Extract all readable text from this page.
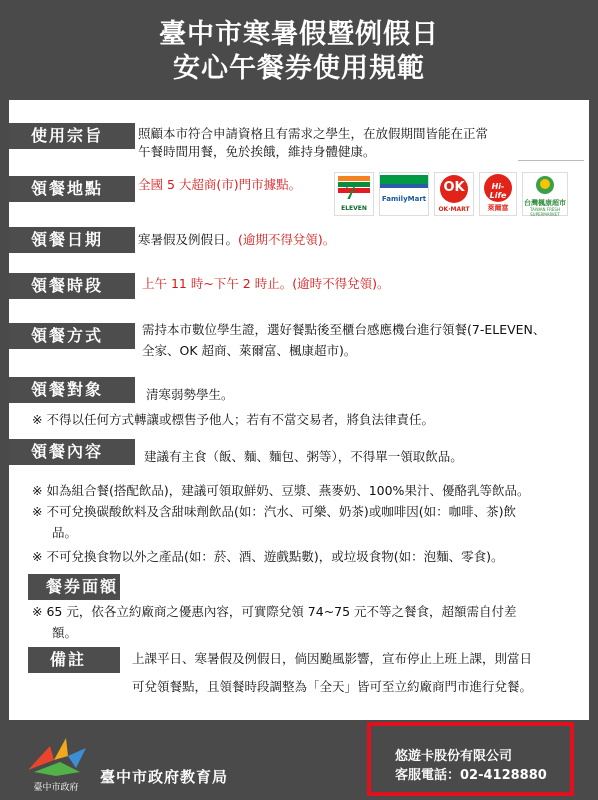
臺中市寒暑假暨例假日
安心午餐券使用規範
使用宗旨	照顧本市符合申請資格且有需求之學生，在放假期間皆能在正常
午餐時間用餐，免於挨餓，維持身體健康。
領餐地點	全國 5 大超商(市)門市據點。 7
ELEVEN
FamilyMart
OK
OK·MART
Hi-Life
萊爾富
台灣楓康超市
TAIWAN FRESH SUPERMARKET
領餐日期	寒暑假及例假日。(逾期不得兌領)。
領餐時段	上午 11 時~下午 2 時止。(逾時不得兌領)。
領餐方式	需持本市數位學生證，選好餐點後至櫃台感應機台進行領餐(7-ELEVEN、
全家、OK 超商、萊爾富、楓康超市)。
領餐對象	清寒弱勢學生。
※ 不得以任何方式轉讓或標售予他人；若有不當交易者，將負法律責任。
領餐內容	建議有主食（飯、麵、麵包、粥等），不得單一領取飲品。
※ 如為組合餐(搭配飲品)，建議可領取鮮奶、豆漿、燕麥奶、100%果汁、優酪乳等飲品。
※ 不可兌換碳酸飲料及含甜味劑飲品(如：汽水、可樂、奶茶)或咖啡因(如：咖啡、茶)飲
品。
※ 不可兌換食物以外之產品(如：菸、酒、遊戲點數)，或垃圾食物(如：泡麵、零食)。
餐券面額
※ 65 元，依各立約廠商之優惠內容，可實際兌領 74~75 元不等之餐食，超額需自付差
額。
備註	上課平日、寒暑假及例假日，倘因颱風影響，宣布停止上班上課，則當日
可兌領餐點，且領餐時段調整為「全天」皆可至立約廠商門市進行兌餐。
臺中市政府
臺中市政府教育局
悠遊卡股份有限公司
客服電話：02-4128880
